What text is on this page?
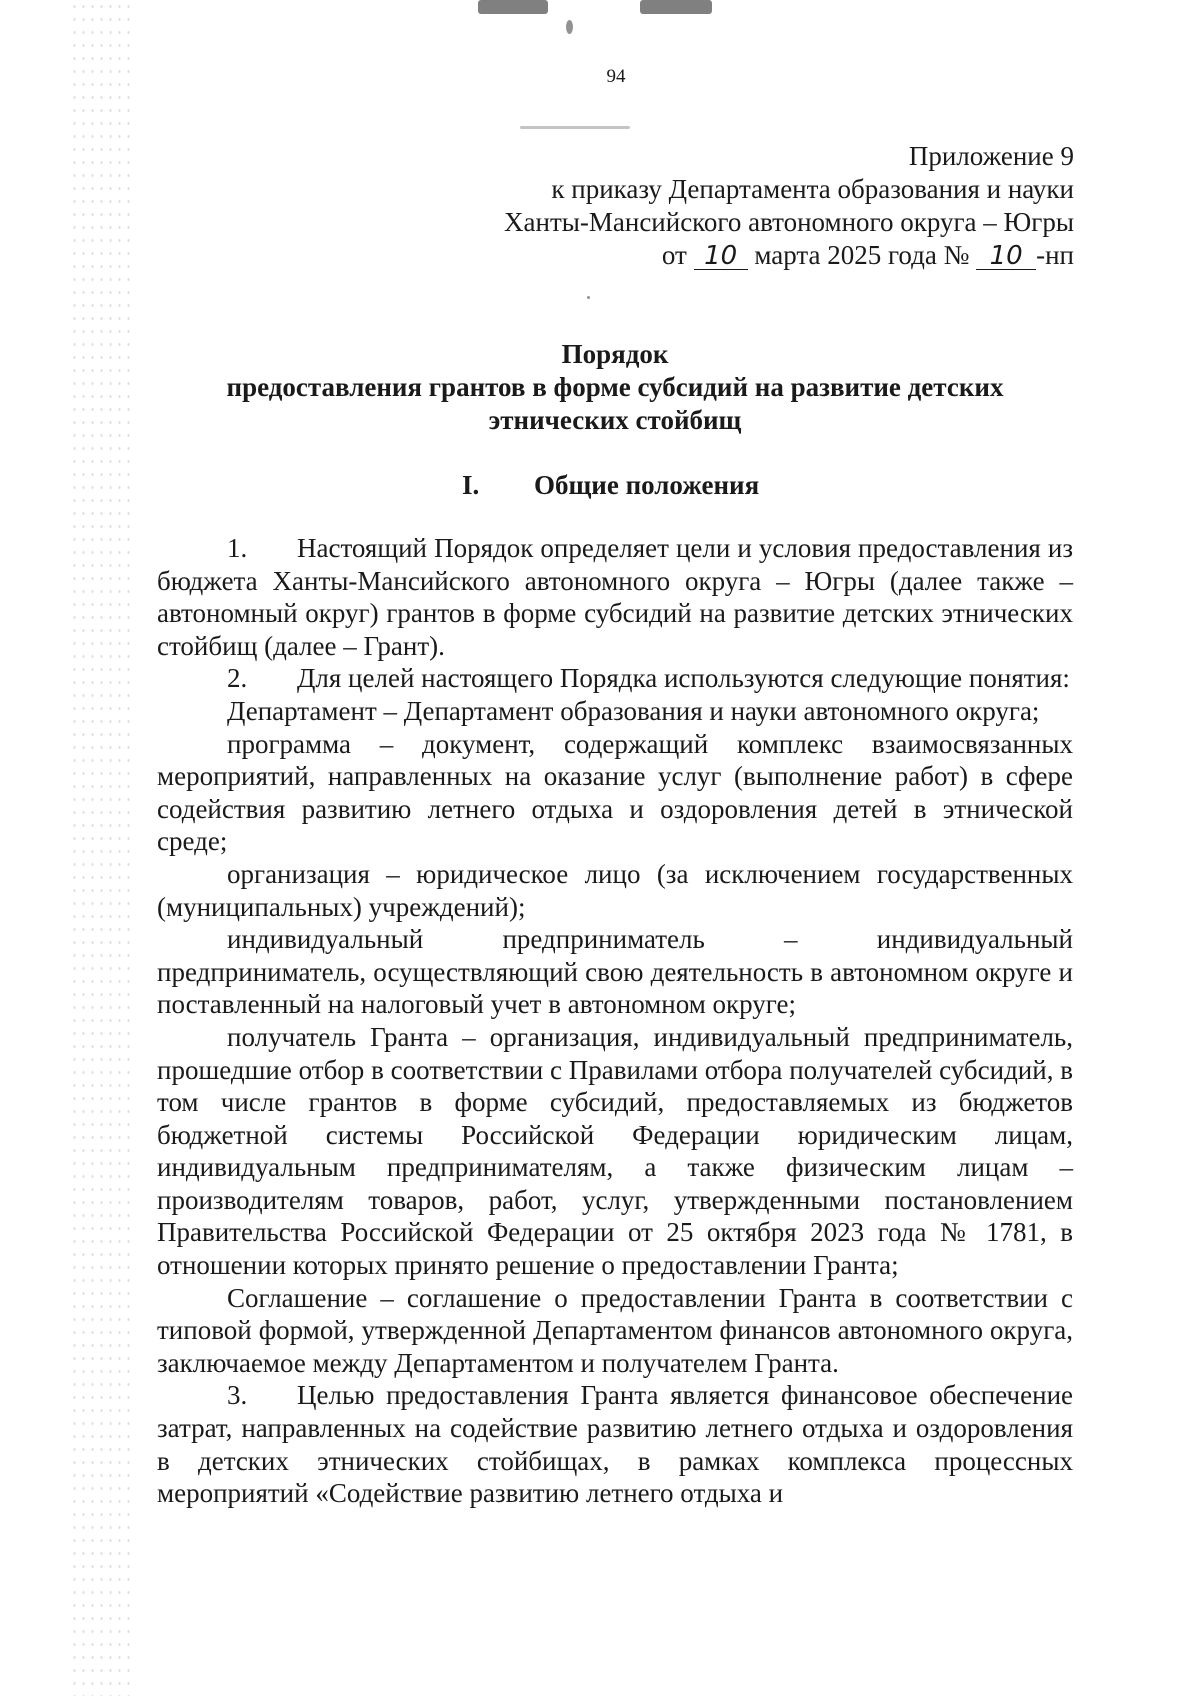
94
Приложение 9
к приказу Департамента образования и науки
Ханты-Мансийского автономного округа – Югры
от 10 марта 2025 года № 10 -нп
Порядок
предоставления грантов в форме субсидий на развитие детских
этнических стойбищ
I. Общие положения

1. Настоящий Порядок определяет цели и условия предоставления из бюджета Ханты-Мансийского автономного округа – Югры (далее также – автономный округ) грантов в форме субсидий на развитие детских этнических стойбищ (далее – Грант).

2. Для целей настоящего Порядка используются следующие понятия:

Департамент – Департамент образования и науки автономного округа;

программа – документ, содержащий комплекс взаимосвязанных мероприятий, направленных на оказание услуг (выполнение работ) в сфере содействия развитию летнего отдыха и оздоровления детей в этнической среде;

организация – юридическое лицо (за исключением государственных (муниципальных) учреждений);

индивидуальный	предприниматель – индивидуальный

предприниматель, осуществляющий свою деятельность в автономном округе и поставленный на налоговый учет в автономном округе;

получатель Гранта – организация, индивидуальный предприниматель, прошедшие отбор в соответствии с Правилами отбора получателей субсидий, в том числе грантов в форме субсидий, предоставляемых из бюджетов бюджетной системы Российской Федерации юридическим лицам, индивидуальным предпринимателям, а также физическим лицам – производителям товаров, работ, услуг, утвержденными постановлением Правительства Российской Федерации от 25 октября 2023 года № 1781, в отношении которых принято решение о предоставлении Гранта;

Соглашение – соглашение о предоставлении Гранта в соответствии с типовой формой, утвержденной Департаментом финансов автономного округа, заключаемое между Департаментом и получателем Гранта.

3. Целью предоставления Гранта является финансовое обеспечение затрат, направленных на содействие развитию летнего отдыха и оздоровления в детских этнических стойбищах, в рамках комплекса процессных мероприятий «Содействие развитию летнего отдыха и
